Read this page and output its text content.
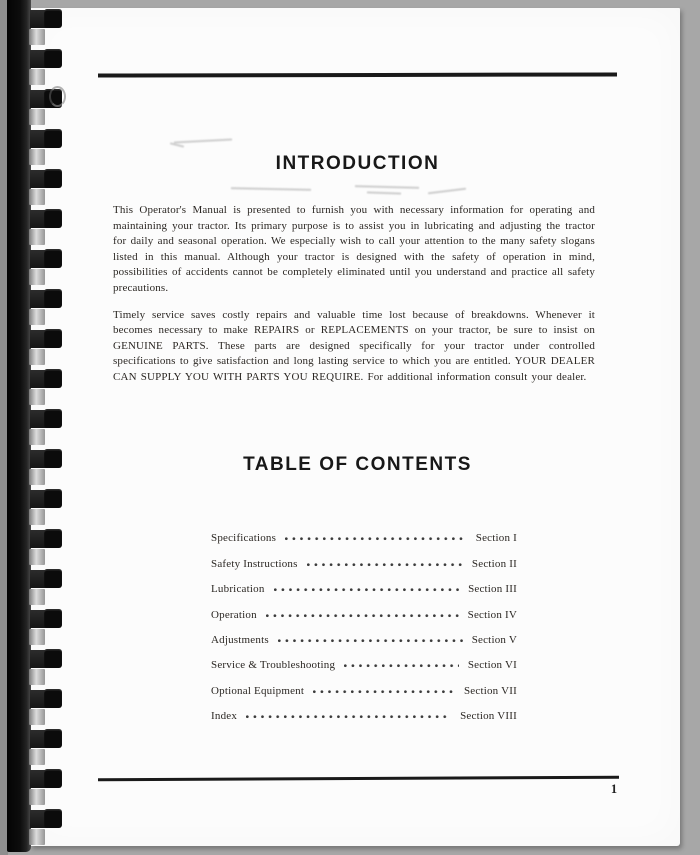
INTRODUCTION

This Operator's Manual is presented to furnish you with necessary information for operating and maintaining your tractor. Its primary purpose is to assist you in lubricating and adjusting the tractor for daily and seasonal operation. We especially wish to call your attention to the many safety slogans listed in this manual. Although your tractor is designed with the safety of operation in mind, possibilities of accidents cannot be completely eliminated until you understand and practice all safety precautions.

Timely service saves costly repairs and valuable time lost because of breakdowns. Whenever it becomes necessary to make REPAIRS or REPLACEMENTS on your tractor, be sure to insist on GENUINE PARTS. These parts are designed specifically for your tractor under controlled specifications to give satisfaction and long lasting service to which you are entitled. YOUR DEALER CAN SUPPLY YOU WITH PARTS YOU REQUIRE. For additional information consult your dealer.

TABLE OF CONTENTS
Specifications	Section I
Safety Instructions	Section II
Lubrication	Section III
Operation	Section IV
Adjustments	Section V
Service & Troubleshooting	Section VI
Optional Equipment	Section VII
Index	Section VIII
1
